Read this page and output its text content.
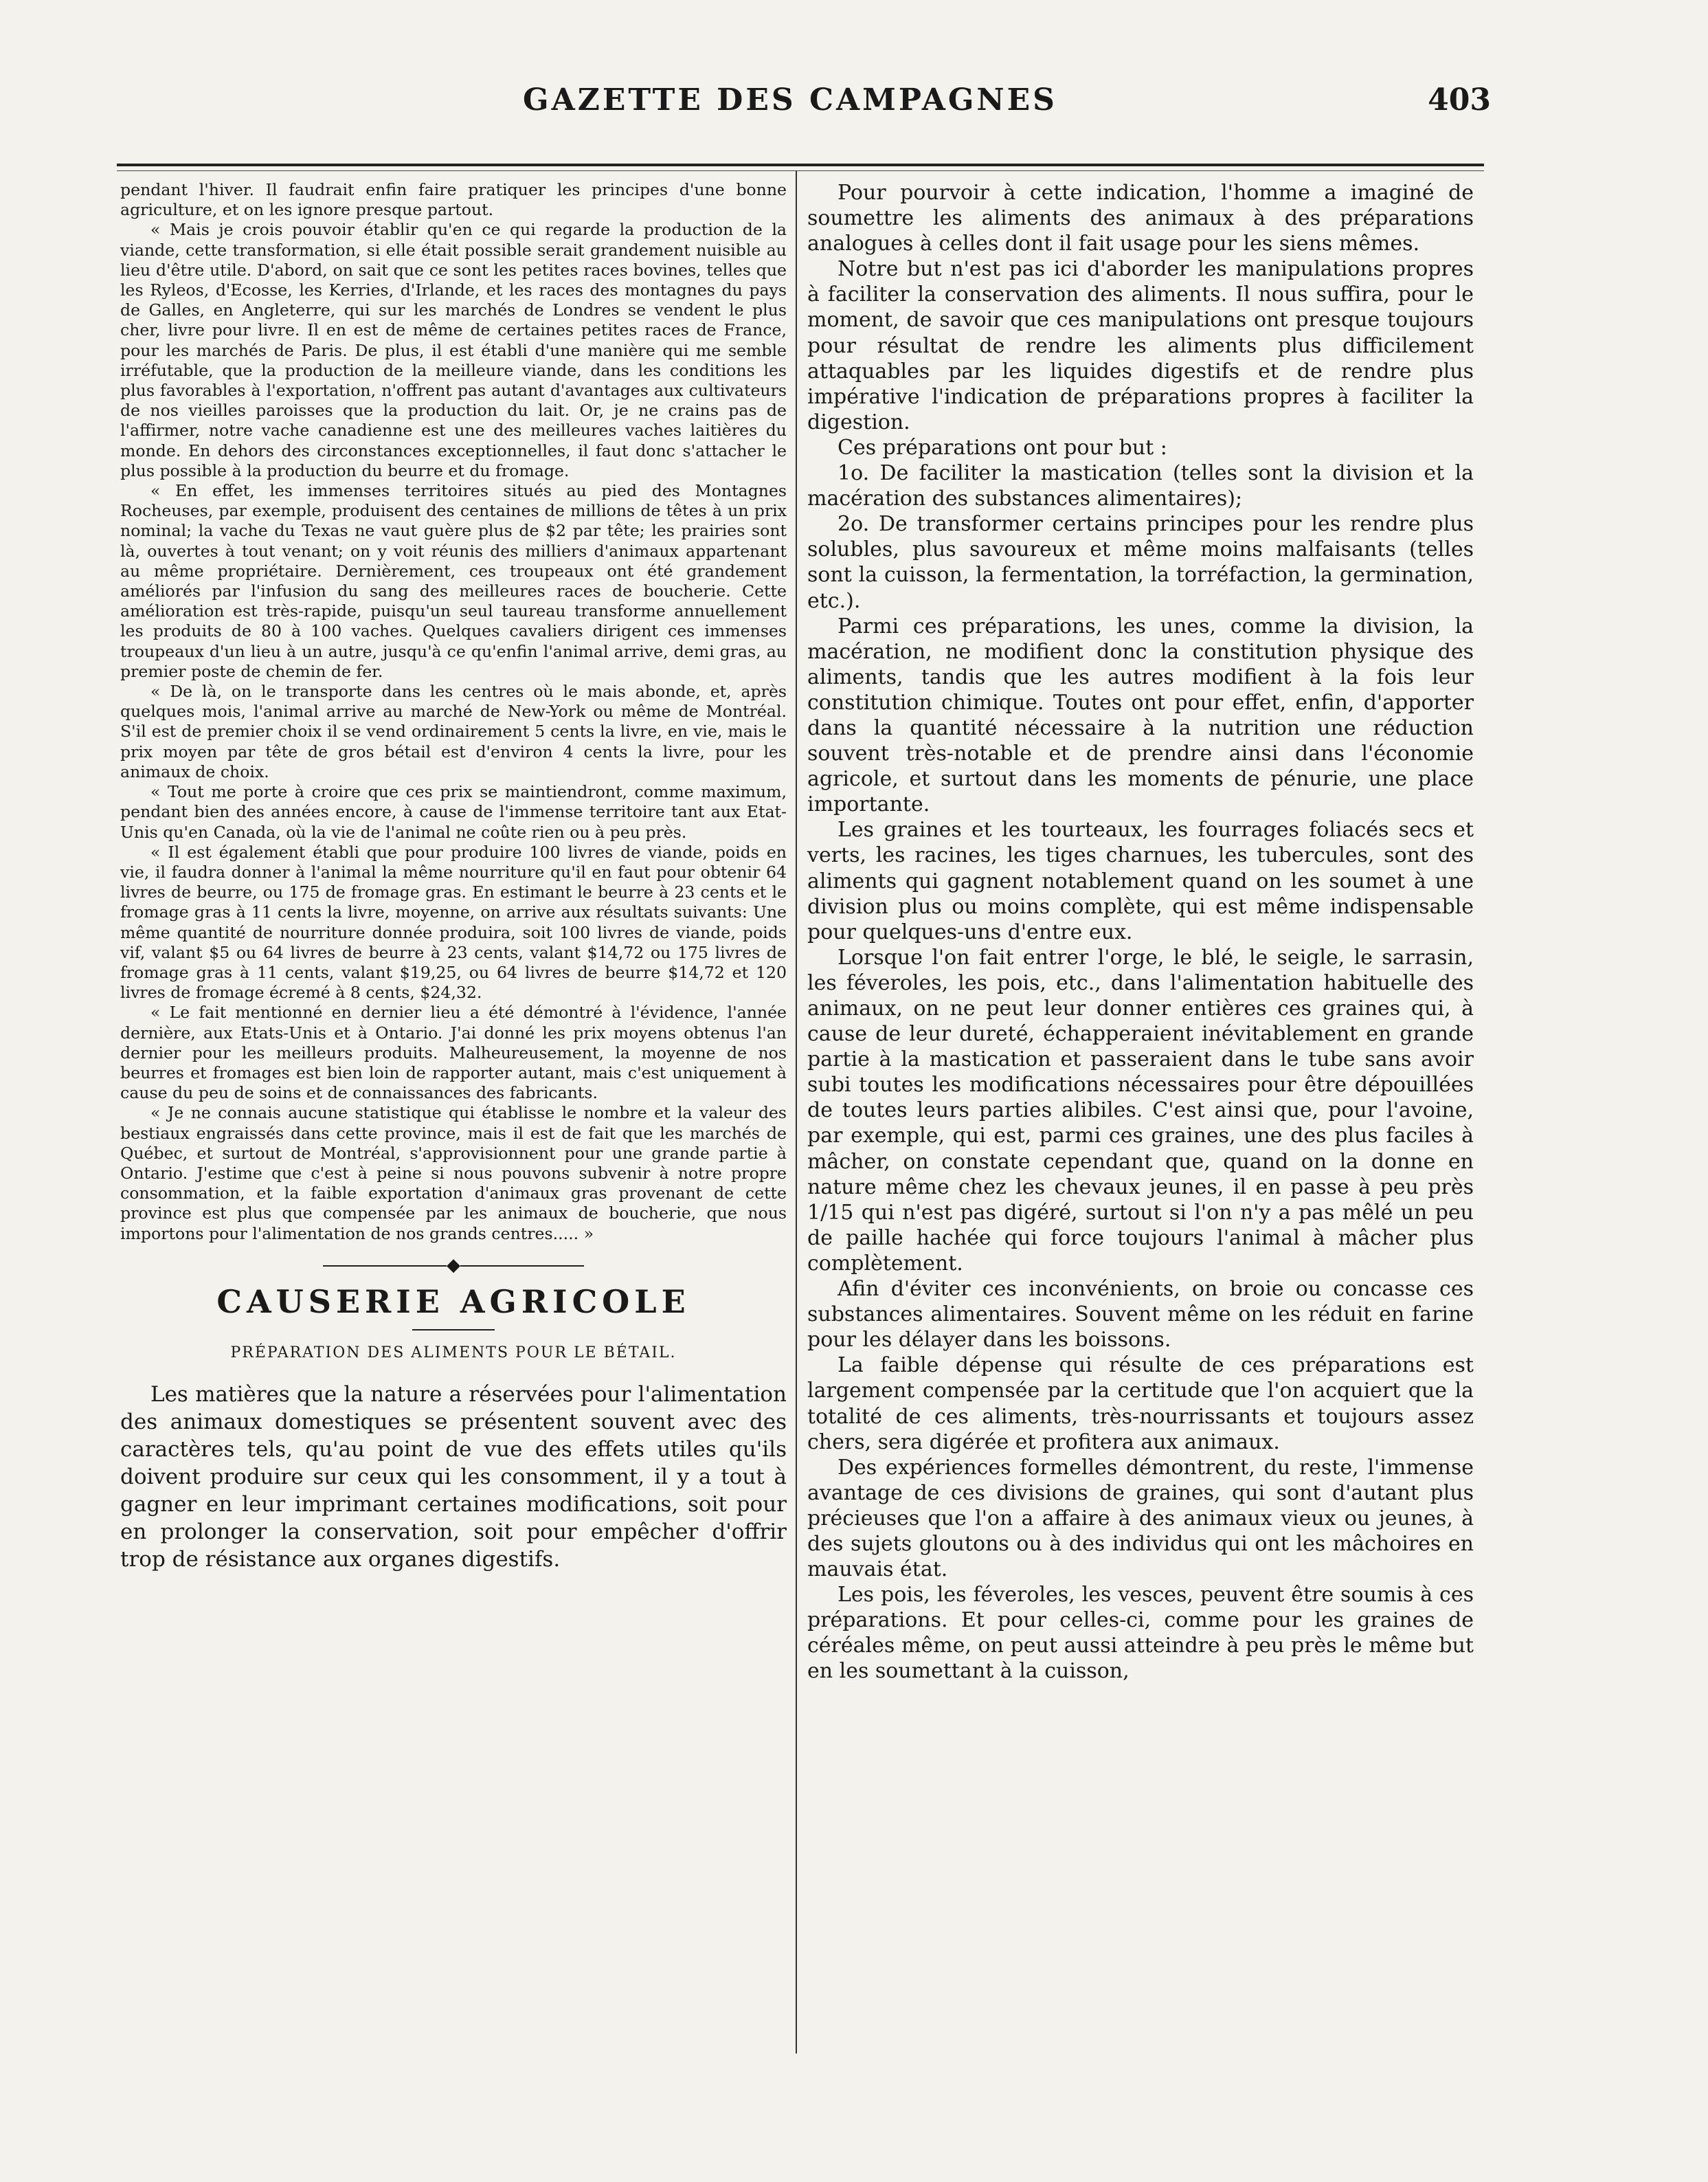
GAZETTE DES CAMPAGNES	403

pendant l'hiver. Il faudrait enfin faire pratiquer les principes d'une bonne agriculture, et on les ignore presque partout.

« Mais je crois pouvoir établir qu'en ce qui regarde la production de la viande, cette transformation, si elle était possible serait grandement nuisible au lieu d'être utile. D'abord, on sait que ce sont les petites races bovines, telles que les Ryleos, d'Ecosse, les Kerries, d'Irlande, et les races des montagnes du pays de Galles, en Angleterre, qui sur les marchés de Londres se vendent le plus cher, livre pour livre. Il en est de même de certaines petites races de France, pour les marchés de Paris. De plus, il est établi d'une manière qui me semble irréfutable, que la production de la meilleure viande, dans les conditions les plus favorables à l'exportation, n'offrent pas autant d'avantages aux cultivateurs de nos vieilles paroisses que la production du lait. Or, je ne crains pas de l'affirmer, notre vache canadienne est une des meilleures vaches laitières du monde. En dehors des circonstances exceptionnelles, il faut donc s'attacher le plus possible à la production du beurre et du fromage.

« En effet, les immenses territoires situés au pied des Montagnes Rocheuses, par exemple, produisent des centaines de millions de têtes à un prix nominal; la vache du Texas ne vaut guère plus de $2 par tête; les prairies sont là, ouvertes à tout venant; on y voit réunis des milliers d'animaux appartenant au même propriétaire. Dernièrement, ces troupeaux ont été grandement améliorés par l'infusion du sang des meilleures races de boucherie. Cette amélioration est très-rapide, puisqu'un seul taureau transforme annuellement les produits de 80 à 100 vaches. Quelques cavaliers dirigent ces immenses troupeaux d'un lieu à un autre, jusqu'à ce qu'enfin l'animal arrive, demi gras, au premier poste de chemin de fer.

« De là, on le transporte dans les centres où le mais abonde, et, après quelques mois, l'animal arrive au marché de New-York ou même de Montréal. S'il est de premier choix il se vend ordinairement 5 cents la livre, en vie, mais le prix moyen par tête de gros bétail est d'environ 4 cents la livre, pour les animaux de choix.

« Tout me porte à croire que ces prix se maintiendront, comme maximum, pendant bien des années encore, à cause de l'immense territoire tant aux Etat-Unis qu'en Canada, où la vie de l'animal ne coûte rien ou à peu près.

« Il est également établi que pour produire 100 livres de viande, poids en vie, il faudra donner à l'animal la même nourriture qu'il en faut pour obtenir 64 livres de beurre, ou 175 de fromage gras. En estimant le beurre à 23 cents et le fromage gras à 11 cents la livre, moyenne, on arrive aux résultats suivants: Une même quantité de nourriture donnée produira, soit 100 livres de viande, poids vif, valant $5 ou 64 livres de beurre à 23 cents, valant $14,72 ou 175 livres de fromage gras à 11 cents, valant $19,25, ou 64 livres de beurre $14,72 et 120 livres de fromage écremé à 8 cents, $24,32.

« Le fait mentionné en dernier lieu a été démontré à l'évidence, l'année dernière, aux Etats-Unis et à Ontario. J'ai donné les prix moyens obtenus l'an dernier pour les meilleurs produits. Malheureusement, la moyenne de nos beurres et fromages est bien loin de rapporter autant, mais c'est uniquement à cause du peu de soins et de connaissances des fabricants.

« Je ne connais aucune statistique qui établisse le nombre et la valeur des bestiaux engraissés dans cette province, mais il est de fait que les marchés de Québec, et surtout de Montréal, s'approvisionnent pour une grande partie à Ontario. J'estime que c'est à peine si nous pouvons subvenir à notre propre consommation, et la faible exportation d'animaux gras provenant de cette province est plus que compensée par les animaux de boucherie, que nous importons pour l'alimentation de nos grands centres..... »

◆
CAUSERIE AGRICOLE
PRÉPARATION DES ALIMENTS POUR LE BÉTAIL.

Les matières que la nature a réservées pour l'alimentation des animaux domestiques se présentent souvent avec des caractères tels, qu'au point de vue des effets utiles qu'ils doivent produire sur ceux qui les consomment, il y a tout à gagner en leur imprimant certaines modifications, soit pour en prolonger la conservation, soit pour empêcher d'offrir trop de résistance aux organes digestifs.

Pour pourvoir à cette indication, l'homme a imaginé de soumettre les aliments des animaux à des préparations analogues à celles dont il fait usage pour les siens mêmes.

Notre but n'est pas ici d'aborder les manipulations propres à faciliter la conservation des aliments. Il nous suffira, pour le moment, de savoir que ces manipulations ont presque toujours pour résultat de rendre les aliments plus difficilement attaquables par les liquides digestifs et de rendre plus impérative l'indication de préparations propres à faciliter la digestion.

Ces préparations ont pour but :

1o. De faciliter la mastication (telles sont la division et la macération des substances alimentaires);

2o. De transformer certains principes pour les rendre plus solubles, plus savoureux et même moins malfaisants (telles sont la cuisson, la fermentation, la torréfaction, la germination, etc.).

Parmi ces préparations, les unes, comme la division, la macération, ne modifient donc la constitution physique des aliments, tandis que les autres modifient à la fois leur constitution chimique. Toutes ont pour effet, enfin, d'apporter dans la quantité nécessaire à la nutrition une réduction souvent très-notable et de prendre ainsi dans l'économie agricole, et surtout dans les moments de pénurie, une place importante.

Les graines et les tourteaux, les fourrages foliacés secs et verts, les racines, les tiges charnues, les tubercules, sont des aliments qui gagnent notablement quand on les soumet à une division plus ou moins complète, qui est même indispensable pour quelques-uns d'entre eux.

Lorsque l'on fait entrer l'orge, le blé, le seigle, le sarrasin, les féveroles, les pois, etc., dans l'alimentation habituelle des animaux, on ne peut leur donner entières ces graines qui, à cause de leur dureté, échapperaient inévitablement en grande partie à la mastication et passeraient dans le tube sans avoir subi toutes les modifications nécessaires pour être dépouillées de toutes leurs parties alibiles. C'est ainsi que, pour l'avoine, par exemple, qui est, parmi ces graines, une des plus faciles à mâcher, on constate cependant que, quand on la donne en nature même chez les chevaux jeunes, il en passe à peu près 1/15 qui n'est pas digéré, surtout si l'on n'y a pas mêlé un peu de paille hachée qui force toujours l'animal à mâcher plus complètement.

Afin d'éviter ces inconvénients, on broie ou concasse ces substances alimentaires. Souvent même on les réduit en farine pour les délayer dans les boissons.

La faible dépense qui résulte de ces préparations est largement compensée par la certitude que l'on acquiert que la totalité de ces aliments, très-nourrissants et toujours assez chers, sera digérée et profitera aux animaux.

Des expériences formelles démontrent, du reste, l'immense avantage de ces divisions de graines, qui sont d'autant plus précieuses que l'on a affaire à des animaux vieux ou jeunes, à des sujets gloutons ou à des individus qui ont les mâchoires en mauvais état.

Les pois, les féveroles, les vesces, peuvent être soumis à ces préparations. Et pour celles-ci, comme pour les graines de céréales même, on peut aussi atteindre à peu près le même but en les soumettant à la cuisson,
